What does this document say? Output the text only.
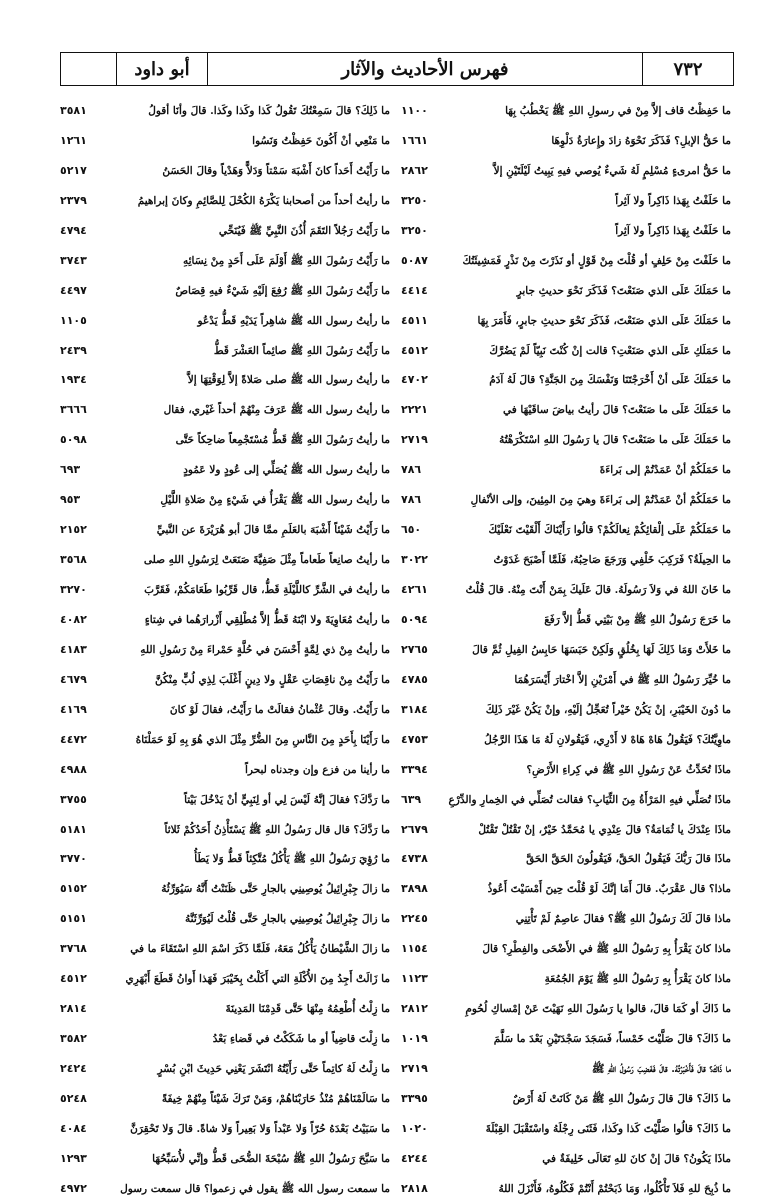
٧٣٢
فهرس الأحاديث والآثار
أبو داود
ما حَفِظْتُ قاف إلاَّ مِنْ في رسولِ اللهِ ﷺ يَخْطُبُ بِهَا
١١٠٠
ما حَقُّ الإبلِ؟ فَذَكَرَ نَحْوَهُ زادَ وإِعارَةُ دَلْوِهَا
١٦٦١
ما حَقُّ امرىءٍ مُسْلِمٍ لَهُ شَيءٌ يُوصي فيهِ يَبِيتُ لَيْلَتَيْنِ إلاَّ
٢٨٦٢
ما حَلَفْتُ بِهَذا ذَاكِراً ولا آثِراً
٣٢٥٠
ما حَلَفْتُ بِهَذا ذَاكِراً ولا آثِراً
٣٢٥٠
ما حَلَفْتَ مِنْ حَلِفٍ أو قُلْتَ مِنْ قَوْلٍ أو نَذَرْتَ مِنْ نَذْرٍ فَمَشِيئَتُكَ
٥٠٨٧
ما حَمَلَكَ عَلَى الذي صَنَعْتَ؟ فَذَكَرَ نَحْوَ حديثِ جابرٍ
٤٤١٤
ما حَمَلَكَ عَلَى الذي صَنَعْتَ، فَذَكَرَ نَحْوَ حديثِ جابرٍ، فَأَمَرَ بِهَا
٤٥١١
ما حَمَلَكِ عَلَى الذي صَنَعْتِ؟ قالت إنْ كُنْتَ نَبِيّاً لَمْ يَضُرَّكَ
٤٥١٢
ما حَمَلَكَ عَلَى أنْ أَخْرَجْتَنَا وَنَفْسَكَ مِنَ الجَنَّةِ؟ قالَ لَهُ آدَمُ
٤٧٠٢
ما حَمَلَكَ عَلَى ما صَنَعْتَ؟ قالَ رأيتُ بياضَ ساقَيْهَا في
٢٢٢١
ما حَمَلَكَ عَلَى ما صَنَعْتَ؟ قالَ يا رَسُولَ اللهِ اسْتَكْرَهْتُهُ
٢٧١٩
ما حَمَلَكُمْ أنْ عَمَدْتُمْ إلى بَراءَةَ
٧٨٦
ما حَمَلَكُمْ أنْ عَمَدْتُمْ إلى بَراءَةَ وهيَ مِنَ المِئِينَ، وإلى الأنْفالِ
٧٨٦
ما حَمَلَكُمْ عَلَى إلْقائِكُمْ نِعالَكُمْ؟ قالُوا رَأَيْنَاكَ أَلْقَيْتَ نَعْلَيْكَ
٦٥٠
ما الحِيلَةُ؟ فَرَكِبَ خَلْفِي وَرَجَعَ صَاحِبُهُ، فَلَمَّا أَصْبَحَ غَدَوْتُ
٣٠٢٢
ما خَانَ اللهُ في وَلاَ رَسُولَهُ. قالَ عَلَيكَ بِمَنْ أَنْتَ مِنْهُ. قالَ قُلْتُ
٤٢٦١
ما خَرَجَ رَسُولُ اللهِ ﷺ مِنْ بَيْتِي قَطُّ إلاَّ رَفَعَ
٥٠٩٤
ما خَلأَتْ وَمَا ذَلِكَ لَهَا بِخُلُقٍ وَلَكِنْ حَبَسَهَا حَابِسُ الفِيلِ ثُمَّ قالَ
٢٧٦٥
ما خُيِّرَ رَسُولُ اللهِ ﷺ في أَمْرَيْنِ إلاَّ اخْتارَ أَيْسَرَهُمَا
٤٧٨٥
ما دُونَ الخَيْبَرِ، إنْ يَكُنْ خَيْراً تُعَجِّلُ إلَيْهِ، وإنْ يَكُنْ غَيْرَ ذَلِكَ
٣١٨٤
ماوِيَّتُكَ؟ فَيَقُولُ هَاهْ هَاهْ لا أَدْرِي، فَيَقُولانِ لَهُ مَا هَذَا الرَّجُلُ
٤٧٥٣
ماذَا تُحَدِّثُ عَنْ رَسُولِ اللهِ ﷺ في كِراءِ الأَرْضِ؟
٣٣٩٤
ماذَا تُصَلِّي فيهِ المَرْأَةُ مِنَ الثِّيَابِ؟ فقالت تُصَلِّي في الخِمارِ والدِّرْعِ
٦٣٩
ماذَا عِنْدَكَ يا ثُمَامَةُ؟ قالَ عِنْدِي يا مُحَمَّدُ خَيْرٌ، إنْ تَقْتُلْ تَقْتُلْ
٢٦٧٩
ماذَا قالَ رَبُّكَ فَيَقُولُ الحَقَّ، فَيَقُولُونَ الحَقَّ الحَقَّ
٤٧٣٨
ماذا؟ قال عَقْرَبٌ. قالَ أَمَا إنَّكَ لَوْ قُلْتَ حِينَ أَمْسَيْتَ أَعُوذُ
٣٨٩٨
ماذا قالَ لَكَ رَسُولُ اللهِ ﷺ؟ فقالَ عاصِمٌ لَمْ تَأْتِنِي
٢٢٤٥
ماذا كانَ يَقْرَأُ بِهِ رَسُولُ اللهِ ﷺ في الأَضْحَى والفِطْرِ؟ قالَ
١١٥٤
ماذا كانَ يَقْرَأُ بِهِ رَسُولُ اللهِ ﷺ يَوْمَ الجُمُعَةِ
١١٢٣
ما ذَاكَ أو كَمَا قالَ، قالوا يا رَسُولَ اللهِ نَهَيْتَ عَنْ إمْساكِ لُحُومِ
٢٨١٢
ما ذَاكَ؟ قالَ صَلَّيْتَ خَمْساً، فَسَجَدَ سَجْدَتَيْنِ بَعْدَ ما سَلَّمَ
١٠١٩
ما ذَاكَ؟ قالَ فَأَخْبَرْتُهُ. قالَ فَغَضِبَ رَسُولُ اللهِ ﷺ
٢٧١٩
ما ذَاكَ؟ قالَ قالَ رَسُولُ اللهِ ﷺ مَنْ كَانَتْ لَهُ أَرْضٌ
٣٣٩٥
ما ذَاكَ؟ قالُوا صَلَّيْتَ كَذا وكَذا، فَثَنَى رِجْلَهُ واسْتَقْبَلَ القِبْلَةَ
١٠٢٠
ماذَا يَكُونُ؟ قالَ إنْ كانَ للهِ تَعَالَى خَلِيفَةٌ في
٤٢٤٤
ما ذُبِحَ للهِ فَلاَ تَأْكُلُوا، وَمَا ذَبَحْتُمْ أَنْتُمْ فَكُلُوهُ، فَأَنْزَلَ اللهُ
٢٨١٨
ما ذَلِكَ؟ قالَ سَمِعْتُكَ تَقُولُ كَذا وكَذا وكَذا. قالَ وأنَا أقولُ
٣٥٨١
ما مَنْعِي أنْ أَكُونَ حَفِظْتُ وَنَسُوا
١٢٦١
ما رَأَيْتُ أَحَداً كانَ أَشْبَهَ سَمْتاً وَدَلاًّ وَهَدْياً وقالَ الحَسَنُ
٥٢١٧
ما رأيتُ أحداً من أصحابنا يَكْرَهُ الكُحْلَ لِلصَّائِمِ وكانَ إبراهيمُ
٢٣٧٩
ما رَأَيْتُ رَجُلاً التَقَمَ أُذُنَ النَّبِيِّ ﷺ فَيُنَحِّي
٤٧٩٤
ما رَأَيْتُ رَسُولَ اللهِ ﷺ أَوْلَمَ عَلَى أَحَدٍ مِنْ نِسَائِهِ
٣٧٤٣
ما رَأَيْتُ رَسُولَ اللهِ ﷺ رُفِعَ إلَيْهِ شَيْءٌ فيهِ قِصَاصٌ
٤٤٩٧
ما رأيتُ رسول الله ﷺ شاهِراً يَدَيْهِ قَطُّ يَدْعُو
١١٠٥
ما رَأَيْتُ رَسُولَ اللهِ ﷺ صائِماً العَشْرَ قَطُّ
٢٤٣٩
ما رأيتُ رسول الله ﷺ صلى صَلاةً إلاَّ لِوَقْتِهَا إلاَّ
١٩٣٤
ما رأيتُ رسول الله ﷺ عَرَفَ مِنْهُمْ أحداً غَيْري، فقال
٣٦٦٦
ما رأيتُ رَسُولَ اللهِ ﷺ قَطُّ مُسْتَجْمِعاً ضاحِكاً حَتَّى
٥٠٩٨
ما رأيتُ رسول الله ﷺ يُصَلِّي إلى عُودٍ ولا عَمُودٍ
٦٩٣
ما رأيتُ رسول الله ﷺ يَقْرَأُ في شَيْءٍ مِنْ صَلاةِ اللَّيْلِ
٩٥٣
ما رَأَيْتُ شَيْئاً أَشْبَهَ بالعَلَمِ ممَّا قالَ أبو هُرَيْرَةَ عن النَّبيِّ
٢١٥٢
ما رأيتُ صانِعاً طَعاماً مِثْلَ صَفِيَّةَ صَنَعَتْ لِرَسُولِ اللهِ صلى
٣٥٦٨
ما رأيتُ في الشَّرِّ كاللَّيْلَةِ قَطُّ، قال قَرِّبُوا طَعَامَكُمْ، فَقَرَّبَ
٣٢٧٠
ما رأيتُ مُعَاوِيَةَ ولا ابْنَهُ قَطُّ إلاَّ مُطْلِقِي أَزْرارَهُما في شِتاءٍ
٤٠٨٢
ما رأيتُ مِنْ ذي لِمَّةٍ أَحْسَنَ في حُلَّةٍ حَمْراءَ مِنْ رَسُولِ اللهِ
٤١٨٣
ما رَأَيْتُ مِنْ ناقِصَاتِ عَقْلٍ ولا دِينٍ أَغْلَبَ لِذِي لُبٍّ مِنْكُنَّ
٤٦٧٩
ما رَأَيْتُ. وقالَ عُثْمانُ فقالَتْ ما رَأَيْتُ، فقالَ لَوْ كانَ
٤١٦٩
ما رَأَيْنَا بِأَحَدٍ مِنَ النَّاسِ مِنَ الضُّرِّ مِثْلَ الذي هُوَ بِهِ لَوْ حَمَلْنَاهُ
٤٤٧٢
ما رأينا من فزع وإن وجدناه لبحراً
٤٩٨٨
ما رَدَّكَ؟ فقالَ إنَّهُ لَيْسَ لِي أو لِنَبِيٍّ أنْ يَدْخُلَ بَيْتاً
٣٧٥٥
ما رَدَّكَ؟ قال قال رَسُولُ اللهِ ﷺ يَسْتَأْذِنُ أَحَدُكُمْ ثَلاثاً
٥١٨١
ما رُؤِيَ رَسُولُ اللهِ ﷺ يَأْكُلُ مُتَّكِئاً قَطُّ وَلا يَطَأُ
٣٧٧٠
ما زالَ جِبْرِائِيلُ يُوصِينِي بالجارِ حَتَّى ظَنَنْتُ أَنَّهُ سَيُوَرِّثُهُ
٥١٥٢
ما زالَ جِبْرِائِيلُ يُوصِينِي بالجارِ حَتَّى قُلْتُ لَيُوَرِّثَنَّهُ
٥١٥١
ما زالَ الشَّيْطانُ يَأْكُلُ مَعَهُ، فَلَمَّا ذَكَرَ اسْمَ اللهِ اسْتَقَاءَ ما في
٣٧٦٨
ما زَالَتْ أَجِدُ مِنَ الأُكْلَةِ التي أَكَلْتُ بِخَيْبَرَ فَهَذا أَوانُ قَطَعَ أَبْهَرِي
٤٥١٢
ما زِلْتُ أُطْعِمُهُ مِنْهَا حَتَّى قَدِمْنَا المَدِينَةَ
٢٨١٤
ما زِلْتَ قاضِياً أو ما شَكَكْتُ في قَضاءِ بَعْدُ
٣٥٨٢
ما زِلْتُ لَهُ كاتِماً حَتَّى رَأَيْتُهُ انْتَشَرَ يَعْنِي حَدِيثَ ابْنِ بُسْرٍ
٢٤٢٤
ما سَالَمْنَاهُمْ مُنْذُ حَارَبْنَاهُمْ، وَمَنْ تَرَكَ شَيْئاً مِنْهُمْ خِيفَةً
٥٢٤٨
ما سَبَيْتُ بَعْدَهُ حُرّاً وَلا عَبْداً وَلا بَعِيراً وَلا شاةً. قالَ وَلا تَحْقِرَنَّ
٤٠٨٤
ما سَبَّحَ رَسُولُ اللهِ ﷺ سُبْحَةَ الضُّحَى قَطُّ وإنِّي لأُسَبِّحُهَا
١٢٩٣
ما سمعت رسول الله ﷺ يقول في زعموا؟ قال سمعت رسول
٤٩٧٢
